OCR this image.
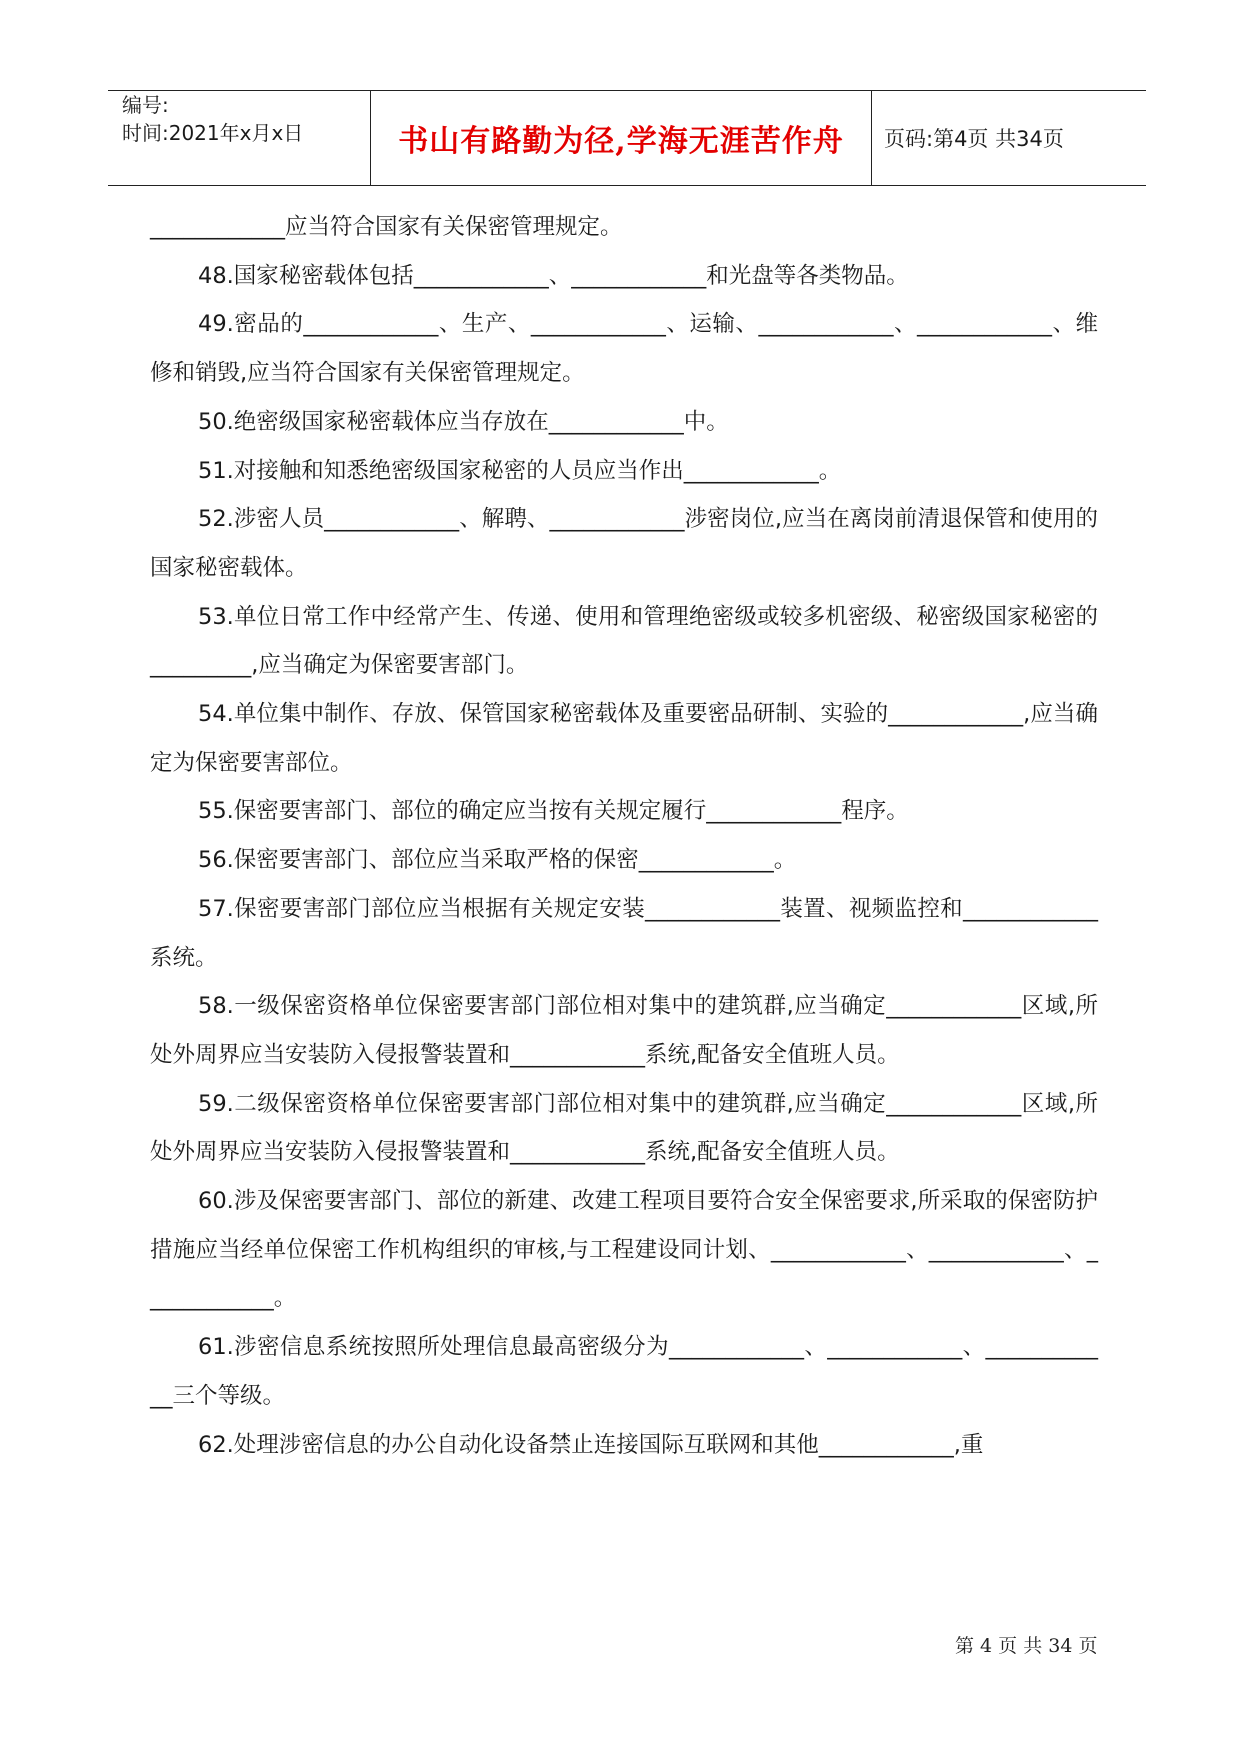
编号:
时间:2021年x月x日	书山有路勤为径,学海无涯苦作舟 页码:第4页 共34页

____________应当符合国家有关保密管理规定。

48.国家秘密载体包括____________、____________和光盘等各类物品。

49.密品的____________、生产、____________、运输、____________、____________、维修和销毁,应当符合国家有关保密管理规定。

50.绝密级国家秘密载体应当存放在____________中。

51.对接触和知悉绝密级国家秘密的人员应当作出____________。

52.涉密人员____________、解聘、____________涉密岗位,应当在离岗前清退保管和使用的国家秘密载体。

53.单位日常工作中经常产生、传递、使用和管理绝密级或较多机密级、秘密级国家秘密的_________,应当确定为保密要害部门。

54.单位集中制作、存放、保管国家秘密载体及重要密品研制、实验的____________,应当确定为保密要害部位。

55.保密要害部门、部位的确定应当按有关规定履行____________程序。

56.保密要害部门、部位应当采取严格的保密____________。

57.保密要害部门部位应当根据有关规定安装____________装置、视频监控和____________系统。

58.一级保密资格单位保密要害部门部位相对集中的建筑群,应当确定____________区域,所处外周界应当安装防入侵报警装置和____________系统,配备安全值班人员。

59.二级保密资格单位保密要害部门部位相对集中的建筑群,应当确定____________区域,所处外周界应当安装防入侵报警装置和____________系统,配备安全值班人员。

60.涉及保密要害部门、部位的新建、改建工程项目要符合安全保密要求,所采取的保密防护措施应当经单位保密工作机构组织的审核,与工程建设同计划、____________、____________、____________。

61.涉密信息系统按照所处理信息最高密级分为____________、____________、____________三个等级。

62.处理涉密信息的办公自动化设备禁止连接国际互联网和其他____________,重

第 4 页 共 34 页
